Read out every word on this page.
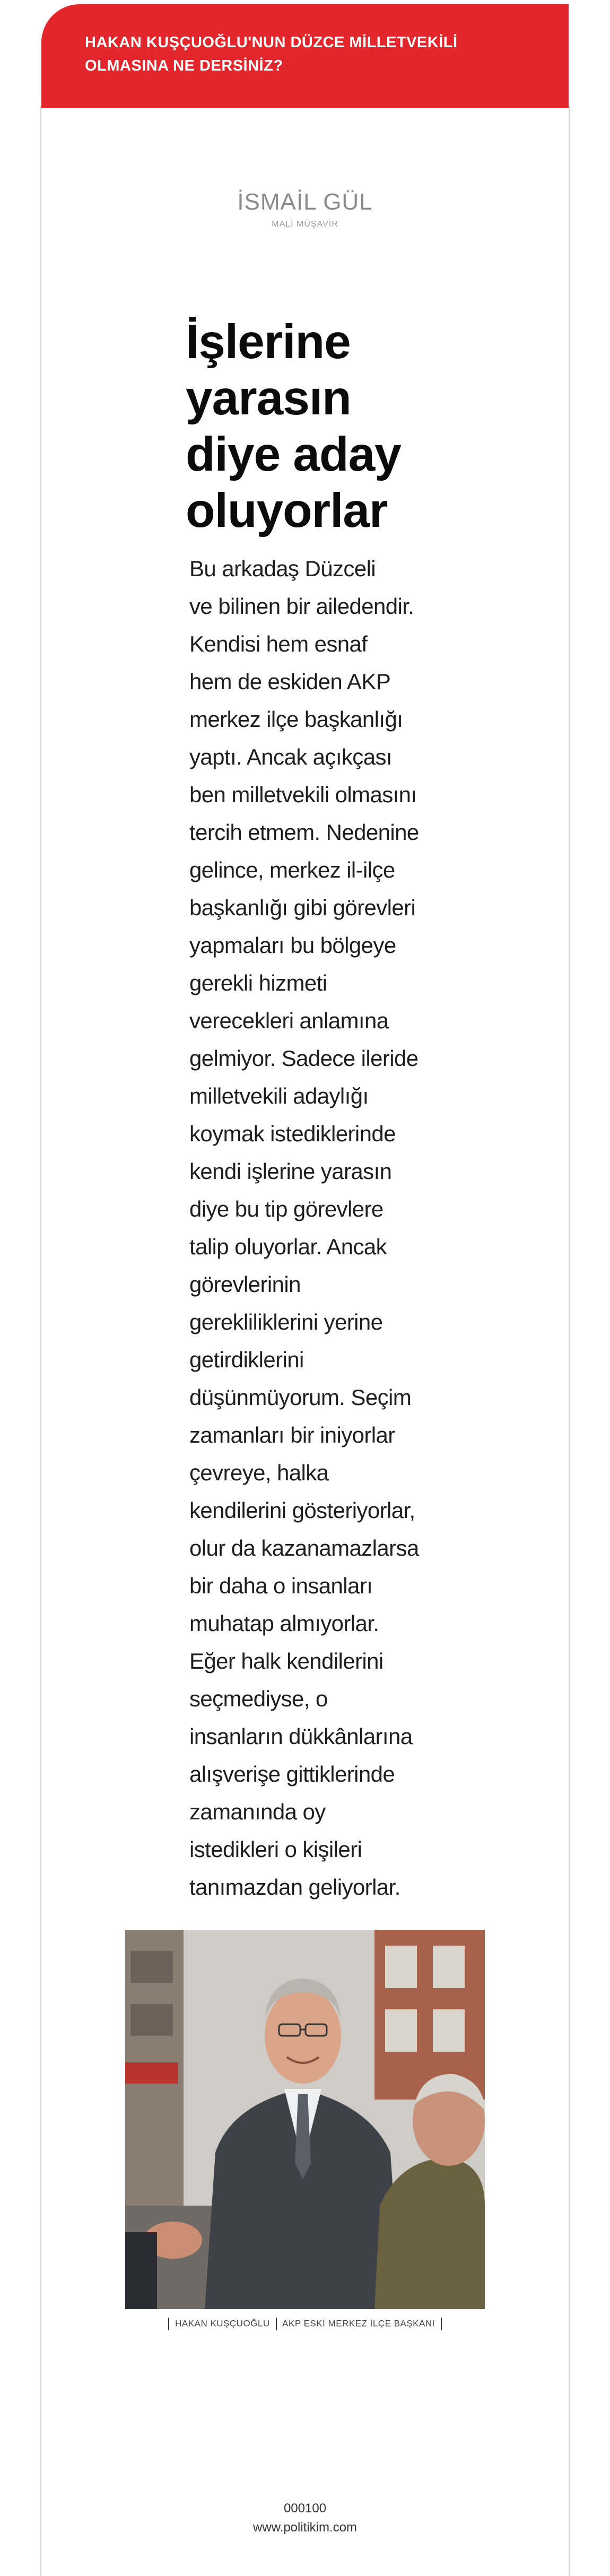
HAKAN KUŞÇUOĞLU'NUN DÜZCE MİLLETVEKİLİ
OLMASINA NE DERSİNİZ?
İSMAİL GÜL
MALİ MÜŞAVİR
İşlerine
yarasın
diye aday
oluyorlar
Bu arkadaş Düzceli
ve bilinen bir ailedendir.
Kendisi hem esnaf
hem de eskiden AKP
merkez ilçe başkanlığı
yaptı. Ancak açıkçası
ben milletvekili olmasını
tercih etmem. Nedenine
gelince, merkez il-ilçe
başkanlığı gibi görevleri
yapmaları bu bölgeye
gerekli hizmeti
verecekleri anlamına
gelmiyor. Sadece ileride
milletvekili adaylığı
koymak istediklerinde
kendi işlerine yarasın
diye bu tip görevlere
talip oluyorlar. Ancak
görevlerinin
gerekliliklerini yerine
getirdiklerini
düşünmüyorum. Seçim
zamanları bir iniyorlar
çevreye, halka
kendilerini gösteriyorlar,
olur da kazanamazlarsa
bir daha o insanları
muhatap almıyorlar.
Eğer halk kendilerini
seçmediyse, o
insanların dükkânlarına
alışverişe gittiklerinde
zamanında oy
istedikleri o kişileri
tanımazdan geliyorlar.
HAKAN KUŞÇUOĞLU AKP ESKİ MERKEZ İLÇE BAŞKANI
000100
www.politikim.com
